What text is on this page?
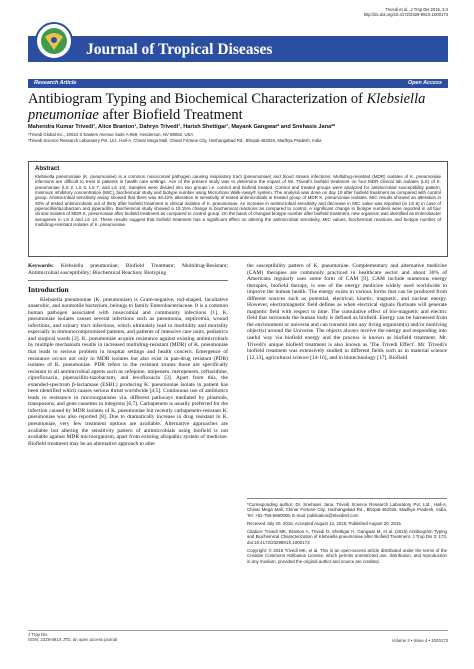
Trivedi et al., J Trop Dis 2015, 3:4
http://dx.doi.org/10.4172/2329-891X.1000173
Journal of Tropical Diseases
Research Article	Open Access
Antibiogram Typing and Biochemical Characterization of Klebsiella
pneumoniae after Biofield Treatment
Mahendra Kumar Trivedi¹, Alice Branton¹, Dahryn Trivedi¹, Harish Shettigar¹, Mayank Gangwar² and Snehasis Jana²*
¹Trivedi Global Inc., 10624 S Eastern Avenue Suite A-969, Henderson, NV 89052, USA
²Trivedi Science Research Laboratory Pvt. Ltd., Hall-A, Chinar Mega Mall, Chinar Fortune City, Hoshangabad Rd., Bhopal-462026, Madhya Pradesh, India
Abstract

Klebsiella pneumoniae (K. pneumoniae) is a common nosocomial pathogen causing respiratory tract (pneumoniae) and blood stream infections. Multidrug-resistant (MDR) isolates of K. pneumoniae infections are difficult to treat in patients in health care settings. Aim of the present study was to determine the impact of Mr. Trivedi's biofield treatment on four MDR clinical lab isolates (LS) of K. pneumoniae (LS 2, LS 6, LS 7, and LS 14). Samples were divided into two groups i.e. control and biofield treated. Control and treated groups were analyzed for antimicrobial susceptibility pattern, minimum inhibitory concentration (MIC), biochemical study and biotype number using MicroScan Walk-Away® system. The analysis was done on day 10 after biofield treatment as compared with control group. Antimicrobial sensitivity assay showed that there was 46.42% alteration in sensitivity of tested antimicrobials in treated group of MDR K. pneumoniae isolates. MIC results showed an alteration in 30% of tested antimicrobials out of thirty after biofield treatment in clinical isolates of K. pneumoniae. An increase in antimicrobial sensitivity and decrease in MIC value was reported (in LS 6) in case of piperacillin/tazobactam and piperacillin. Biochemical study showed a 15.15% change in biochemical reactions as compared to control. A significant change in biotype numbers were reported in all four clinical isolates of MDR K. pneumoniae after biofield treatment as compared to control group. On the basis of changed biotype number after biofield treatment, new organism was identified as Enterobacter aerogenes in LS 2 and LS 14. These results suggest that biofield treatment has a significant effect on altering the antimicrobial sensitivity, MIC values, biochemical reactions and biotype number of multidrug-resistant isolates of K. pneumoniae.

Keywords: Klebsiella pneumoniae; Biofield Treatment; Multidrug-Resistant; Antimicrobial susceptibility; Biochemical Reaction; Biotyping

Introduction

Klebsiella pneumoniae (K. pneumoniae) is Gram-negative, rod-shaped, facultative anaerobic, and nonmotile bacterium, belongs to family Enterobacteriaceae. It is a common human pathogen associated with nosocomial and community infections [1]. K. pneumoniae isolates causes several infections such as pneumonia, septicemia, wound infections, and urinary tract infections, which ultimately lead to morbidity and mortality especially in immunocompromised patients, and patients of intensive care units, pediatrics and surgical wards [2]. K. pneumoniae acquire resistance against existing antimicrobials by multiple mechanism results in increased multidrug-resistant (MDR) of K. pneumoniae that leads to serious problem in hospital settings and health concern. Emergence of resistance occurs not only in MDR isolates but also exist in pan-drug resistant (PDR) isolates of K. pneumoniae. PDR refers to the resistant strains those are specifically resistant to all antimicrobial agents such as cefepime, imipenem, meropenem, ceftazidime, ciprofloxacin, piperacillin-tazobactam, and levofloxacin [3]. Apart from this, the extended-spectrum β-lactamase (ESBL) producing K. pneumoniae isolate in patient has been identified which causes serious threat worldwide [4,5]. Continuous use of antibiotics leads to resistance in microorganisms via. different pathways mediated by plasmids, transposons, and gene cassettes in integrons [6,7]. Carbapenem is usually preferred for the infection caused by MDR isolates of K. pneumoniae but recently carbapenem-resistant K. pneumoniae was also reported [8]. Due to dramatically increase in drug resistant in K. pneumoniae, very few treatment options are available. Alternative approaches are available but altering the sensitivity pattern of antimicrobials using biofield is not available against MDR microorganism, apart from existing allopathic system of medicine. Biofield treatment may be an alternative approach to alter

the susceptibility pattern of K. pneumoniae. Complementary and alternative medicine (CAM) therapies are commonly practiced in healthcare sector and about 36% of Americans regularly uses some form of CAM [9]. CAM include numerous energy therapies, biofield therapy, is one of the energy medicine widely used worldwide to improve the human health. The energy exists in various forms that can be produced from different sources such as potential, electrical, kinetic, magnetic, and nuclear energy. However, electromagnetic field defines as when electrical signals fluctuate will generate magnetic field with respect to time. The cumulative effect of bio-magnetic and electric field that surrounds the human body is defined as biofield. Energy can be harnessed from the environment or universe and can transmit into any living organism(s) and/or nonliving object(s) around the Universe. The objects always receive the energy and responding into useful way via biofield energy and the process is known as biofield treatment. Mr. Trivedi's unique biofield treatment is also known as 'The Trivedi Effect'. Mr. Trivedi's biofield treatment was extensively studied in different fields such as in material science [12,13], agricultural science [14-16], and in biotechnology [17]. Biofield

*Corresponding author: Dr. Snehasis Jana, Trivedi Science Research Laboratory Pvt. Ltd., Hall-A, Chinar Mega Mall, Chinar Fortune City, Hoshangabad Rd., Bhopal-462026, Madhya Pradesh, India, Tel: +91-755-6660006; E-mail: publication@trivedisrl.com

Received July 20, 2015; Accepted August 13, 2015; Published August 20, 2015

Citation: Trivedi MK, Branton A, Trivedi D, Shettigar H, Gangwar M, et al. (2015) Antibiogram Typing and Biochemical Characterization of Klebsiella pneumoniae after Biofield Treatment. J Trop Dis 3: 173. doi:10.4172/2329891X.1000173

Copyright: © 2015 Trivedi MK, et al. This is an open-access article distributed under the terms of the Creative Commons Attribution License, which permits unrestricted use, distribution, and reproduction in any medium, provided the original author and source are credited.

J Trop Dis
ISSN: 2329-891X JTD, an open access journal	Volume 3 • Issue 4 • 1000173
